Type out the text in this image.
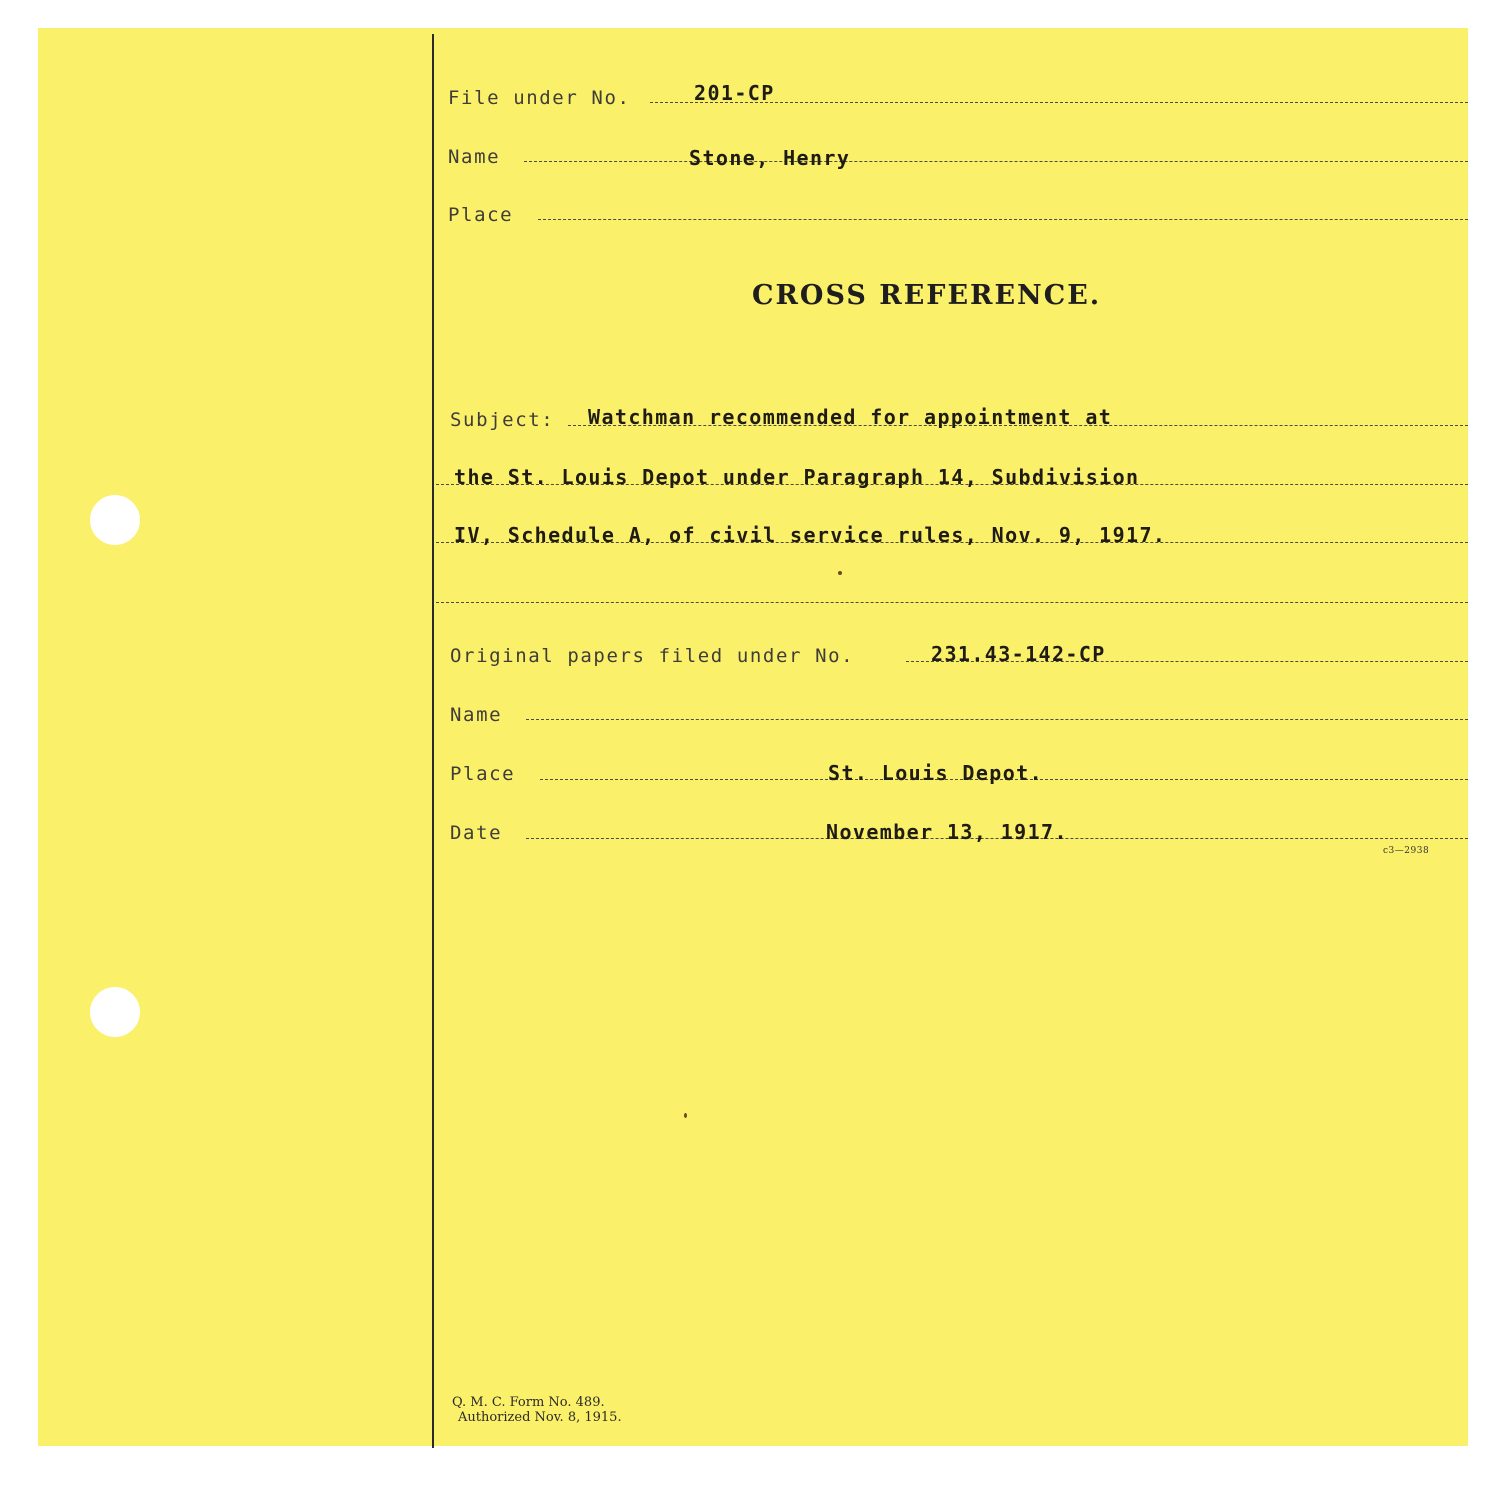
File under No.	201-CP
Name	Stone, Henry
Place
CROSS REFERENCE.
Subject: Watchman recommended for appointment at
the St. Louis Depot under Paragraph 14, Subdivision
IV, Schedule A, of civil service rules, Nov. 9, 1917.
Original papers filed under No.	231.43-142-CP
Name
Place	St. Louis Depot.
Date	November 13, 1917.
c3—2938
Q. M. C. Form No. 489.
Authorized Nov. 8, 1915.
